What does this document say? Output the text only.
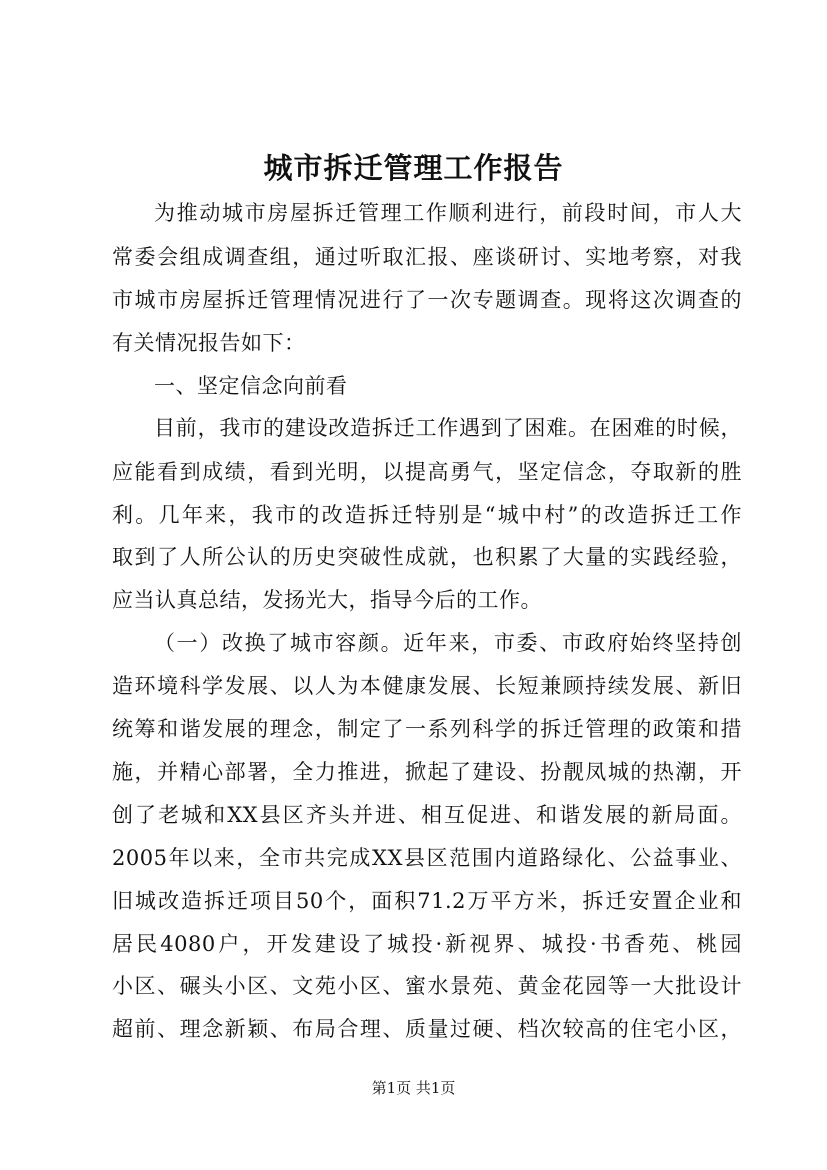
城市拆迁管理工作报告
为推动城市房屋拆迁管理工作顺利进行，前段时间，市人大
常委会组成调查组，通过听取汇报、座谈研讨、实地考察，对我
市城市房屋拆迁管理情况进行了一次专题调查。现将这次调查的
有关情况报告如下：
一、坚定信念向前看
目前，我市的建设改造拆迁工作遇到了困难。在困难的时候，
应能看到成绩，看到光明，以提高勇气，坚定信念，夺取新的胜
利。几年来，我市的改造拆迁特别是“城中村”的改造拆迁工作
取到了人所公认的历史突破性成就，也积累了大量的实践经验，
应当认真总结，发扬光大，指导今后的工作。
（一）改换了城市容颜。近年来，市委、市政府始终坚持创
造环境科学发展、以人为本健康发展、长短兼顾持续发展、新旧
统筹和谐发展的理念，制定了一系列科学的拆迁管理的政策和措
施，并精心部署，全力推进，掀起了建设、扮靓凤城的热潮，开
创了老城和XX县区齐头并进、相互促进、和谐发展的新局面。
2005年以来，全市共完成XX县区范围内道路绿化、公益事业、
旧城改造拆迁项目50个，面积71.2万平方米，拆迁安置企业和
居民4080户，开发建设了城投·新视界、城投·书香苑、桃园
小区、碾头小区、文苑小区、蜜水景苑、黄金花园等一大批设计
超前、理念新颖、布局合理、质量过硬、档次较高的住宅小区，
第1页 共1页
